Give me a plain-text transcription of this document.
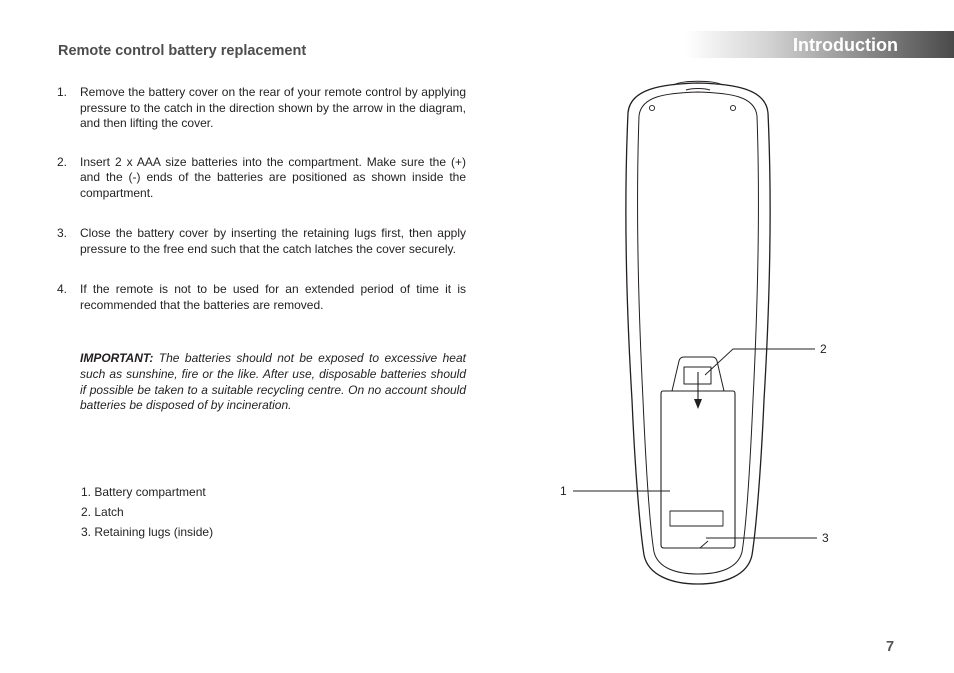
Introduction
Remote control battery replacement
1. Remove the battery cover on the rear of your remote control by applying pressure to the catch in the direction shown by the arrow in the diagram, and then lifting the cover.
2. Insert 2 x AAA size batteries into the compartment. Make sure the (+) and the (-) ends of the batteries are positioned as shown inside the compartment.
3. Close the battery cover by inserting the retaining lugs first, then apply pressure to the free end such that the catch latches the cover securely.
4. If the remote is not to be used for an extended period of time it is recommended that the batteries are removed.
IMPORTANT: The batteries should not be exposed to excessive heat such as sunshine, fire or the like. After use, disposable batteries should if possible be taken to a suitable recycling centre. On no account should batteries be disposed of by incineration.
1. Battery compartment
2. Latch
3. Retaining lugs (inside)
1
2
3
7
